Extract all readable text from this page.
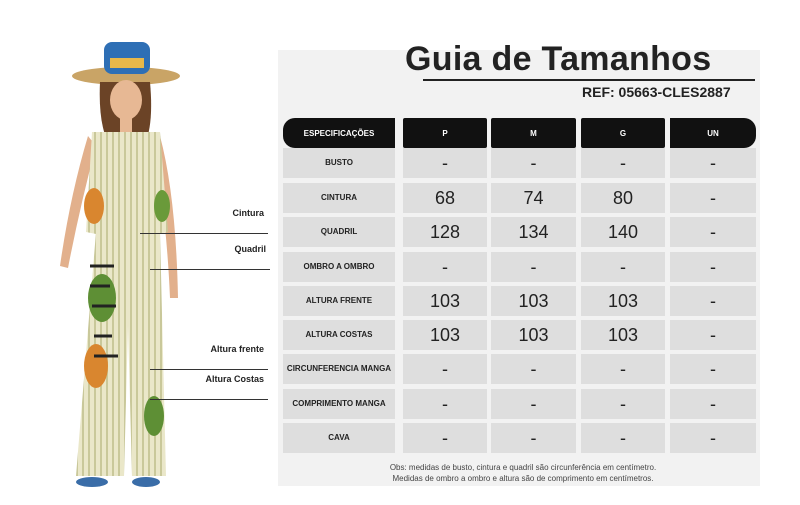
Cintura
Quadril
Altura frente
Altura Costas
Guia de Tamanhos
REF: 05663-CLES2887
ESPECIFICAÇÕES	P	M	G	UN
BUSTO	-	-	-	-
CINTURA	68	74	80	-
QUADRIL	128	134	140	-
OMBRO A OMBRO	-	-	-	-
ALTURA FRENTE	103	103	103	-
ALTURA COSTAS	103	103	103	-
CIRCUNFERENCIA MANGA	-	-	-	-
COMPRIMENTO MANGA	-	-	-	-
CAVA	-	-	-	-
Obs: medidas de busto, cintura e quadril são circunferência em centímetro.
Medidas de ombro a ombro e altura são de comprimento em centímetros.
